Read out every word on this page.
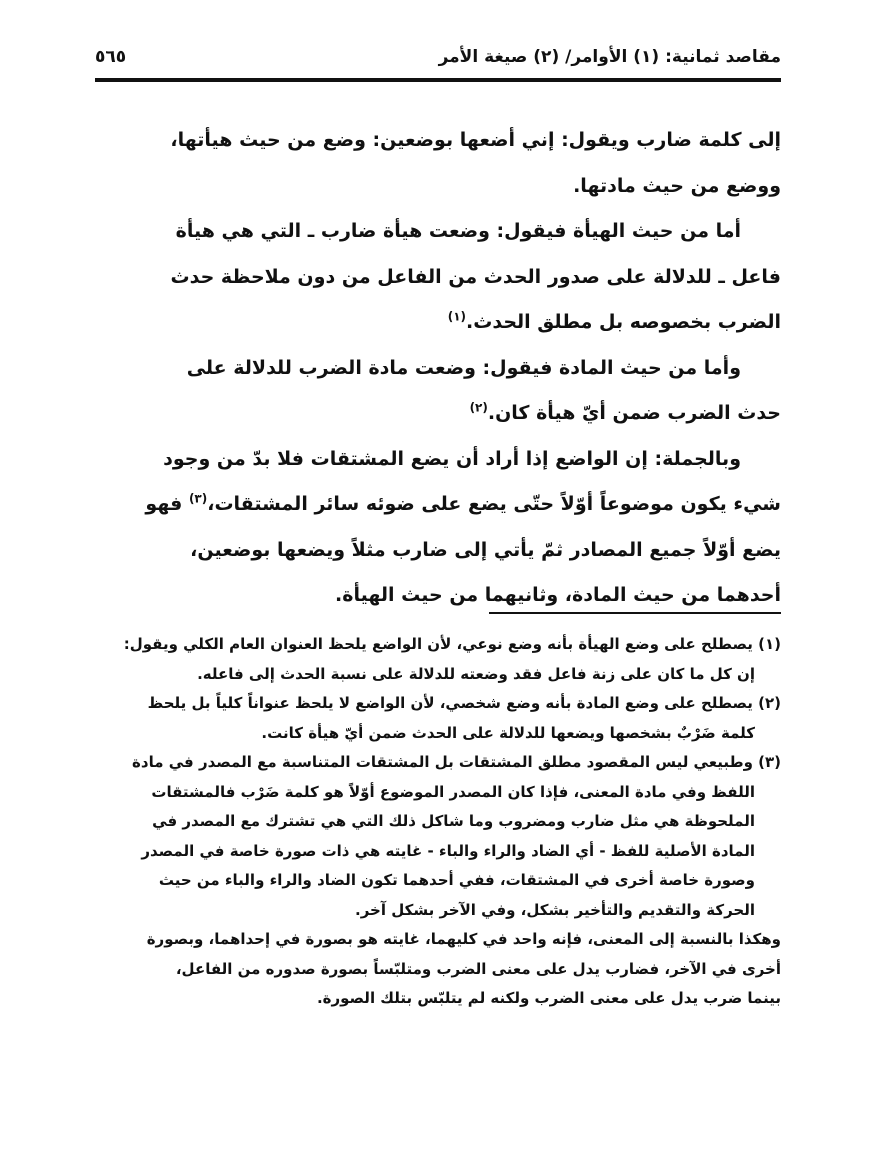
مقاصد ثمانية: (١) الأوامر/ (٢) صيغة الأمر
٥٦٥
إلى كلمة ضارب ويقول: إني أضعها بوضعين: وضع من حيث هيأتها،
ووضع من حيث مادتها.
أما من حيث الهيأة فيقول: وضعت هيأة ضارب ـ التي هي هيأة
فاعل ـ للدلالة على صدور الحدث من الفاعل من دون ملاحظة حدث
الضرب بخصوصه بل مطلق الحدث.$^{(١)}$
وأما من حيث المادة فيقول: وضعت مادة الضرب للدلالة على
حدث الضرب ضمن أيّ هيأة كان.$^{(٢)}$
وبالجملة: إن الواضع إذا أراد أن يضع المشتقات فلا بدّ من وجود
شيء يكون موضوعاً أوّلاً حتّى يضع على ضوئه سائر المشتقات،$^{(٣)}$ فهو
يضع أوّلاً جميع المصادر ثمّ يأتي إلى ضارب مثلاً ويضعها بوضعين،
أحدهما من حيث المادة، وثانيهما من حيث الهيأة.
(١) يصطلح على وضع الهيأة بأنه وضع نوعي، لأن الواضع يلحظ العنوان العام الكلي ويقول:
إن كل ما كان على زنة فاعل فقد وضعته للدلالة على نسبة الحدث إلى فاعله.
(٢) يصطلح على وضع المادة بأنه وضع شخصي، لأن الواضع لا يلحظ عنواناً كلياً بل يلحظ
كلمة ضَرْبٌ بشخصها ويضعها للدلالة على الحدث ضمن أيّ هيأة كانت.
(٣) وطبيعي ليس المقصود مطلق المشتقات بل المشتقات المتناسبة مع المصدر في مادة
اللفظ وفي مادة المعنى، فإذا كان المصدر الموضوع أوّلاً هو كلمة ضَرْب فالمشتقات
الملحوظة هي مثل ضارب ومضروب وما شاكل ذلك التي هي تشترك مع المصدر في
المادة الأصلية للفظ - أي الضاد والراء والباء - غايته هي ذات صورة خاصة في المصدر
وصورة خاصة أخرى في المشتقات، ففي أحدهما تكون الضاد والراء والباء من حيث
الحركة والتقديم والتأخير بشكل، وفي الآخر بشكل آخر.
وهكذا بالنسبة إلى المعنى، فإنه واحد في كليهما، غايته هو بصورة في إحداهما، وبصورة
أخرى في الآخر، فضارب يدل على معنى الضرب ومتلبّساً بصورة صدوره من الفاعل،
بينما ضرب يدل على معنى الضرب ولكنه لم يتلبّس بتلك الصورة.
